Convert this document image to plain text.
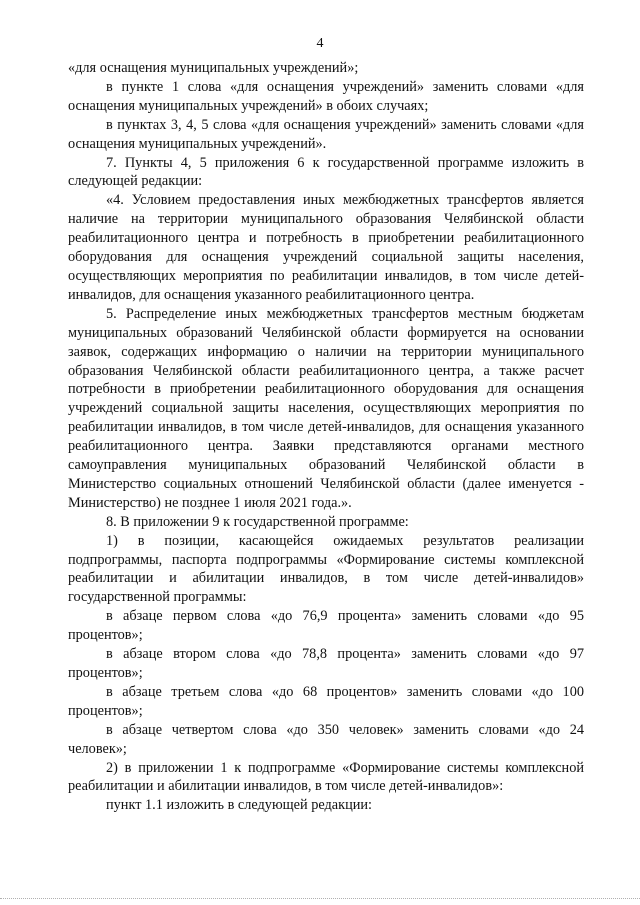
4

«для оснащения муниципальных учреждений»;

в пункте 1 слова «для оснащения учреждений» заменить словами «для оснащения муниципальных учреждений» в обоих случаях;

в пунктах 3, 4, 5 слова «для оснащения учреждений» заменить словами «для оснащения муниципальных учреждений».

7. Пункты 4, 5 приложения 6 к государственной программе изложить в следующей редакции:

«4. Условием предоставления иных межбюджетных трансфертов является наличие на территории муниципального образования Челябинской области реабилитационного центра и потребность в приобретении реабилитационного оборудования для оснащения учреждений социальной защиты населения, осуществляющих мероприятия по реабилитации инвалидов, в том числе детей-инвалидов, для оснащения указанного реабилитационного центра.

5. Распределение иных межбюджетных трансфертов местным бюджетам муниципальных образований Челябинской области формируется на основании заявок, содержащих информацию о наличии на территории муниципального образования Челябинской области реабилитационного центра, а также расчет потребности в приобретении реабилитационного оборудования для оснащения учреждений социальной защиты населения, осуществляющих мероприятия по реабилитации инвалидов, в том числе детей-инвалидов, для оснащения указанного реабилитационного центра. Заявки представляются органами местного самоуправления муниципальных образований Челябинской области в Министерство социальных отношений Челябинской области (далее именуется - Министерство) не позднее 1 июля 2021 года.».

8. В приложении 9 к государственной программе:

1) в позиции, касающейся ожидаемых результатов реализации подпрограммы, паспорта подпрограммы «Формирование системы комплексной реабилитации и абилитации инвалидов, в том числе детей-инвалидов» государственной программы:

в абзаце первом слова «до 76,9 процента» заменить словами «до 95 процентов»;

в абзаце втором слова «до 78,8 процента» заменить словами «до 97 процентов»;

в абзаце третьем слова «до 68 процентов» заменить словами «до 100 процентов»;

в абзаце четвертом слова «до 350 человек» заменить словами «до 24 человек»;

2) в приложении 1 к подпрограмме «Формирование системы комплексной реабилитации и абилитации инвалидов, в том числе детей-инвалидов»:

пункт 1.1 изложить в следующей редакции:
